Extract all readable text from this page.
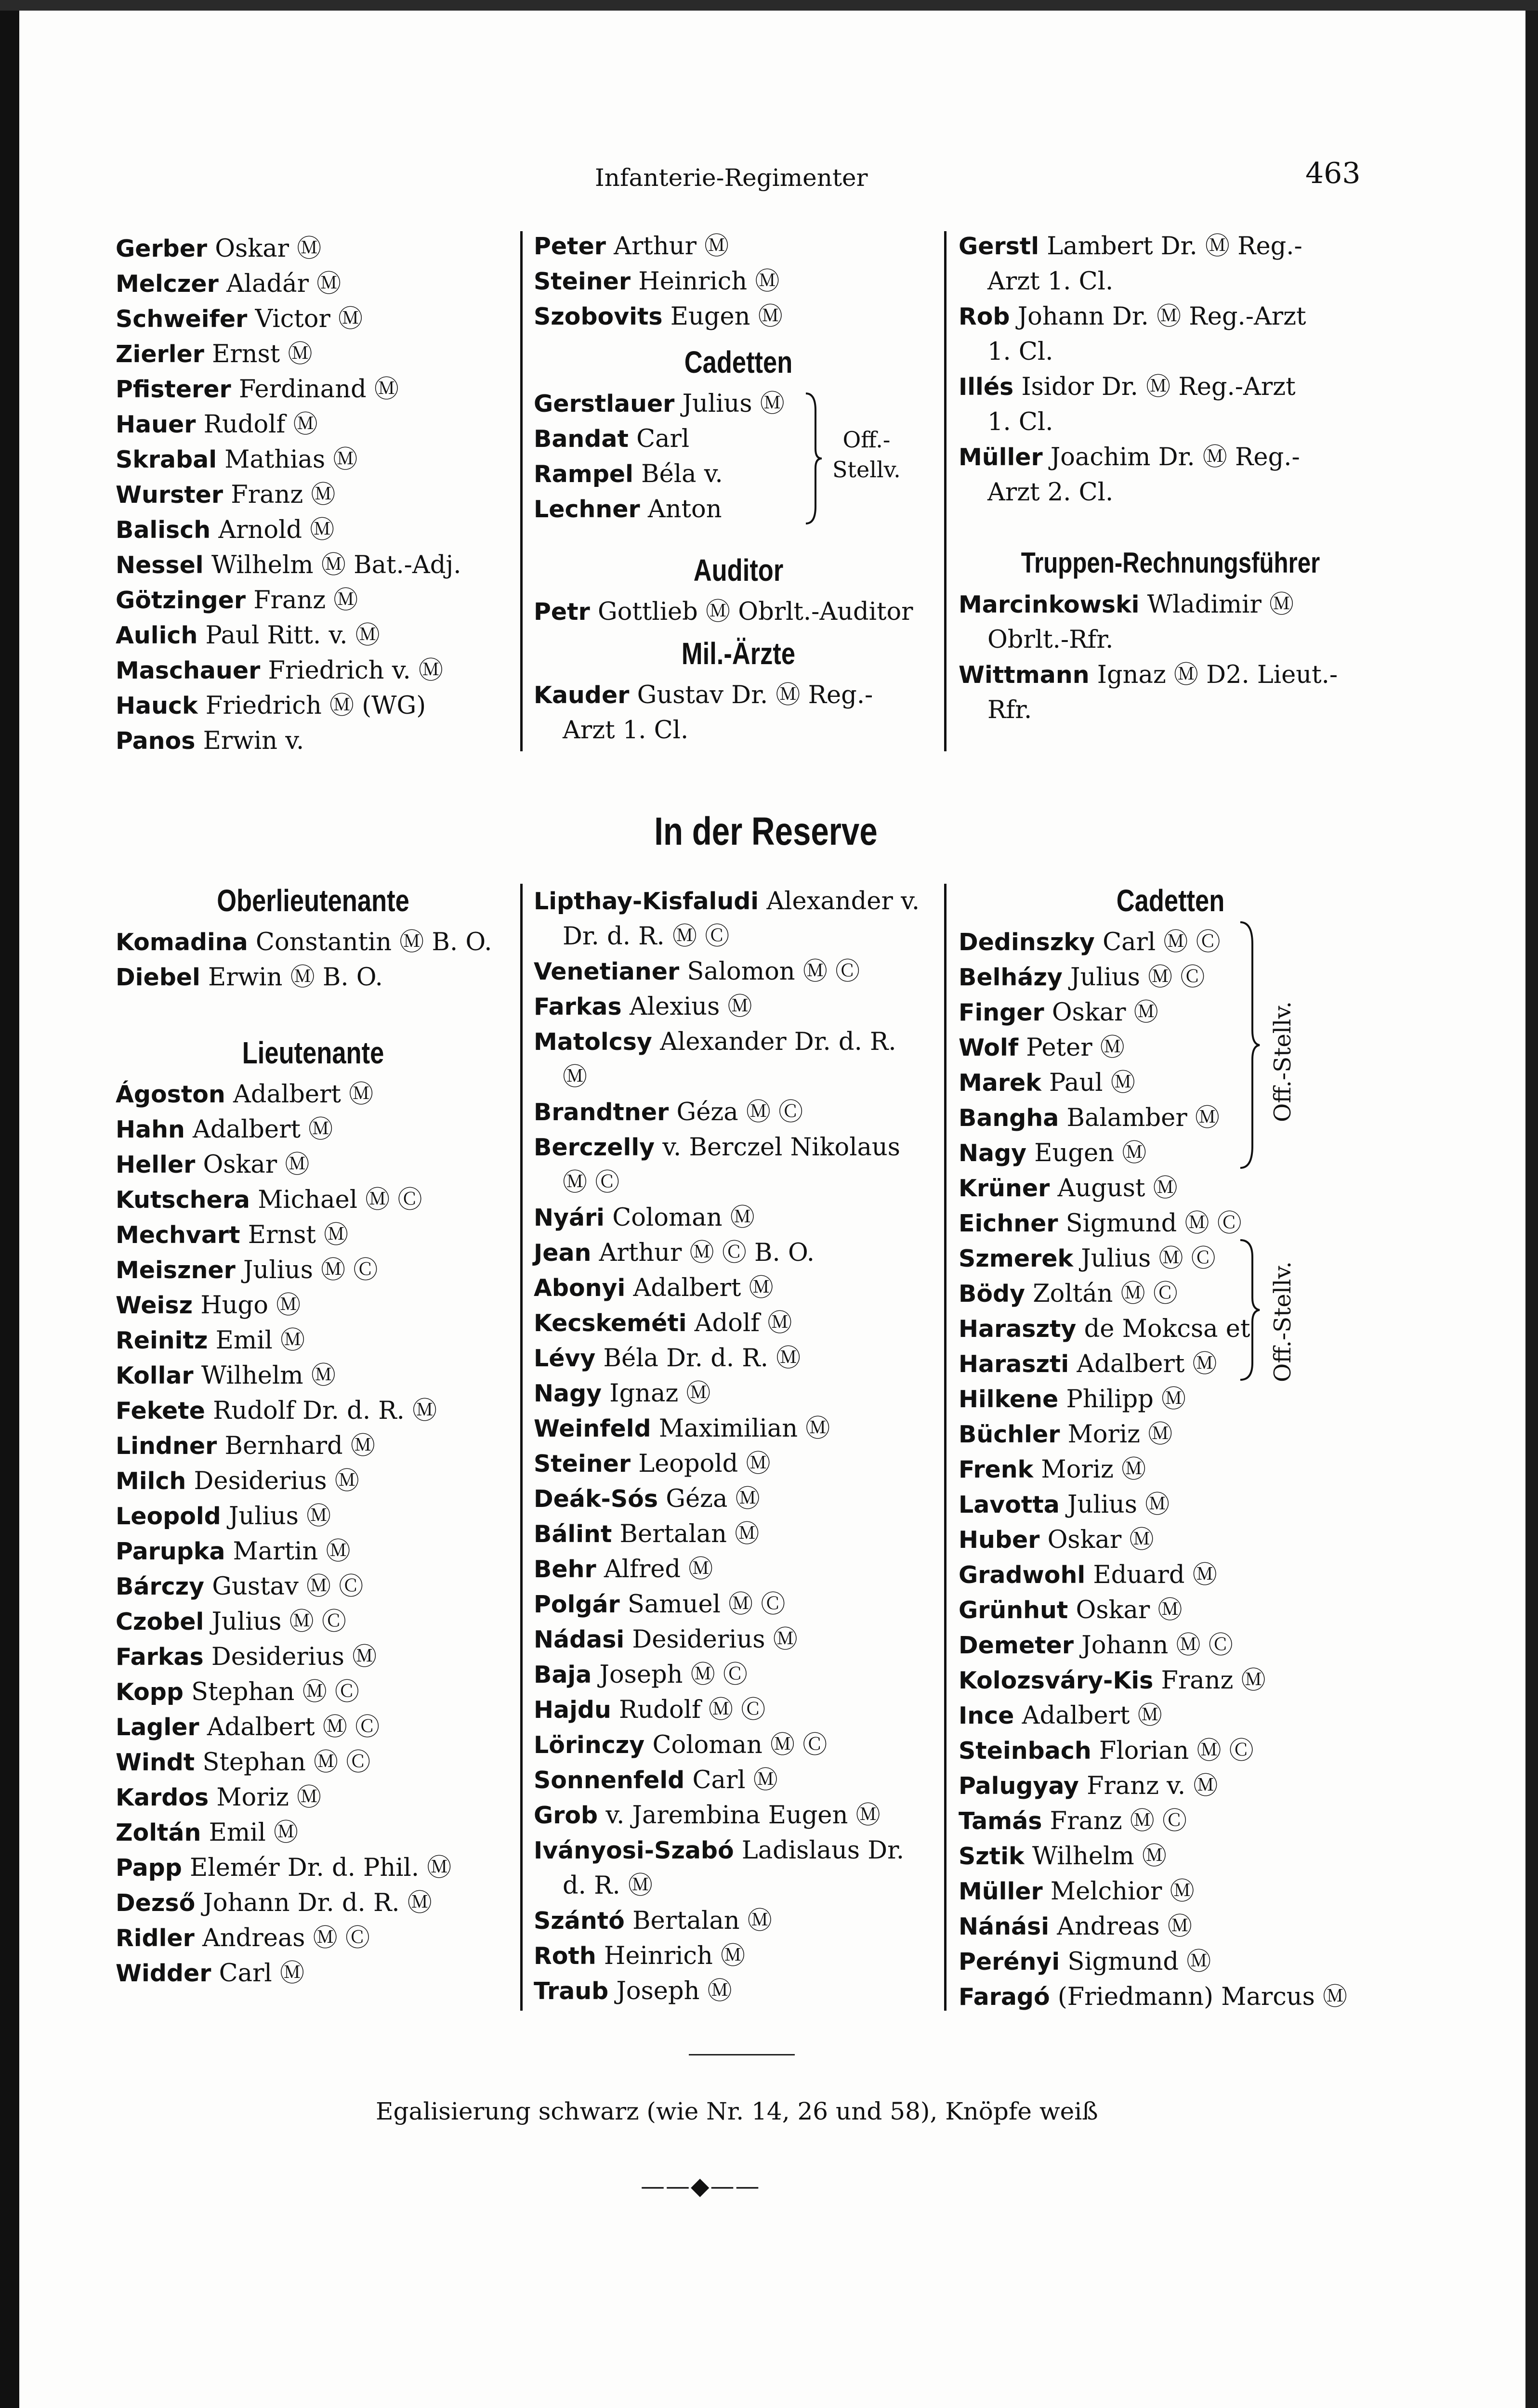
Infanterie-Regimenter	463
Gerber Oskar Ⓜ
Melczer Aladár Ⓜ
Schweifer Victor Ⓜ
Zierler Ernst Ⓜ
Pfisterer Ferdinand Ⓜ
Hauer Rudolf Ⓜ
Skrabal Mathias Ⓜ
Wurster Franz Ⓜ
Balisch Arnold Ⓜ
Nessel Wilhelm Ⓜ Bat.-Adj.
Götzinger Franz Ⓜ
Aulich Paul Ritt. v. Ⓜ
Maschauer Friedrich v. Ⓜ
Hauck Friedrich Ⓜ (WG)
Panos Erwin v.
Peter Arthur Ⓜ
Steiner Heinrich Ⓜ
Szobovits Eugen Ⓜ
Cadetten
Gerstlauer Julius Ⓜ
Bandat Carl
Rampel Béla v.
Lechner Anton
Off.-
Stellv.
Auditor
Petr Gottlieb Ⓜ Obrlt.-Auditor
Mil.-Ärzte
Kauder Gustav Dr. Ⓜ Reg.-
Arzt 1. Cl.
Gerstl Lambert Dr. Ⓜ Reg.-
Arzt 1. Cl.
Rob Johann Dr. Ⓜ Reg.-Arzt
1. Cl.
Illés Isidor Dr. Ⓜ Reg.-Arzt
1. Cl.
Müller Joachim Dr. Ⓜ Reg.-
Arzt 2. Cl.
Truppen-Rechnungsführer
Marcinkowski Wladimir Ⓜ
Obrlt.-Rfr.
Wittmann Ignaz Ⓜ D2. Lieut.-
Rfr.
In der Reserve
Oberlieutenante
Komadina Constantin Ⓜ B. O.
Diebel Erwin Ⓜ B. O.
Lieutenante
Ágoston Adalbert Ⓜ
Hahn Adalbert Ⓜ
Heller Oskar Ⓜ
Kutschera Michael Ⓜ Ⓒ
Mechvart Ernst Ⓜ
Meiszner Julius Ⓜ Ⓒ
Weisz Hugo Ⓜ
Reinitz Emil Ⓜ
Kollar Wilhelm Ⓜ
Fekete Rudolf Dr. d. R. Ⓜ
Lindner Bernhard Ⓜ
Milch Desiderius Ⓜ
Leopold Julius Ⓜ
Parupka Martin Ⓜ
Bárczy Gustav Ⓜ Ⓒ
Czobel Julius Ⓜ Ⓒ
Farkas Desiderius Ⓜ
Kopp Stephan Ⓜ Ⓒ
Lagler Adalbert Ⓜ Ⓒ
Windt Stephan Ⓜ Ⓒ
Kardos Moriz Ⓜ
Zoltán Emil Ⓜ
Papp Elemér Dr. d. Phil. Ⓜ
Dezső Johann Dr. d. R. Ⓜ
Ridler Andreas Ⓜ Ⓒ
Widder Carl Ⓜ
Lipthay-Kisfaludi Alexander v.
Dr. d. R. Ⓜ Ⓒ
Venetianer Salomon Ⓜ Ⓒ
Farkas Alexius Ⓜ
Matolcsy Alexander Dr. d. R.
Ⓜ
Brandtner Géza Ⓜ Ⓒ
Berczelly v. Berczel Nikolaus
Ⓜ Ⓒ
Nyári Coloman Ⓜ
Jean Arthur Ⓜ Ⓒ B. O.
Abonyi Adalbert Ⓜ
Kecskeméti Adolf Ⓜ
Lévy Béla Dr. d. R. Ⓜ
Nagy Ignaz Ⓜ
Weinfeld Maximilian Ⓜ
Steiner Leopold Ⓜ
Deák-Sós Géza Ⓜ
Bálint Bertalan Ⓜ
Behr Alfred Ⓜ
Polgár Samuel Ⓜ Ⓒ
Nádasi Desiderius Ⓜ
Baja Joseph Ⓜ Ⓒ
Hajdu Rudolf Ⓜ Ⓒ
Lörinczy Coloman Ⓜ Ⓒ
Sonnenfeld Carl Ⓜ
Grob v. Jarembina Eugen Ⓜ
Iványosi-Szabó Ladislaus Dr.
d. R. Ⓜ
Szántó Bertalan Ⓜ
Roth Heinrich Ⓜ
Traub Joseph Ⓜ
Cadetten
Dedinszky Carl Ⓜ Ⓒ
Belházy Julius Ⓜ Ⓒ
Finger Oskar Ⓜ
Wolf Peter Ⓜ
Marek Paul Ⓜ
Bangha Balamber Ⓜ
Nagy Eugen Ⓜ
Krüner August Ⓜ
Eichner Sigmund Ⓜ Ⓒ
Szmerek Julius Ⓜ Ⓒ
Bödy Zoltán Ⓜ Ⓒ
Haraszty de Mokcsa et
Haraszti Adalbert Ⓜ
Hilkene Philipp Ⓜ
Büchler Moriz Ⓜ
Frenk Moriz Ⓜ
Lavotta Julius Ⓜ
Huber Oskar Ⓜ
Gradwohl Eduard Ⓜ
Grünhut Oskar Ⓜ
Demeter Johann Ⓜ Ⓒ
Kolozsváry-Kis Franz Ⓜ
Ince Adalbert Ⓜ
Steinbach Florian Ⓜ Ⓒ
Palugyay Franz v. Ⓜ
Tamás Franz Ⓜ Ⓒ
Sztik Wilhelm Ⓜ
Müller Melchior Ⓜ
Nánási Andreas Ⓜ
Perényi Sigmund Ⓜ
Faragó (Friedmann) Marcus Ⓜ
Off.-Stellv.
Off.-Stellv.
Egalisierung schwarz (wie Nr. 14, 26 und 58), Knöpfe weiß
——◆——
